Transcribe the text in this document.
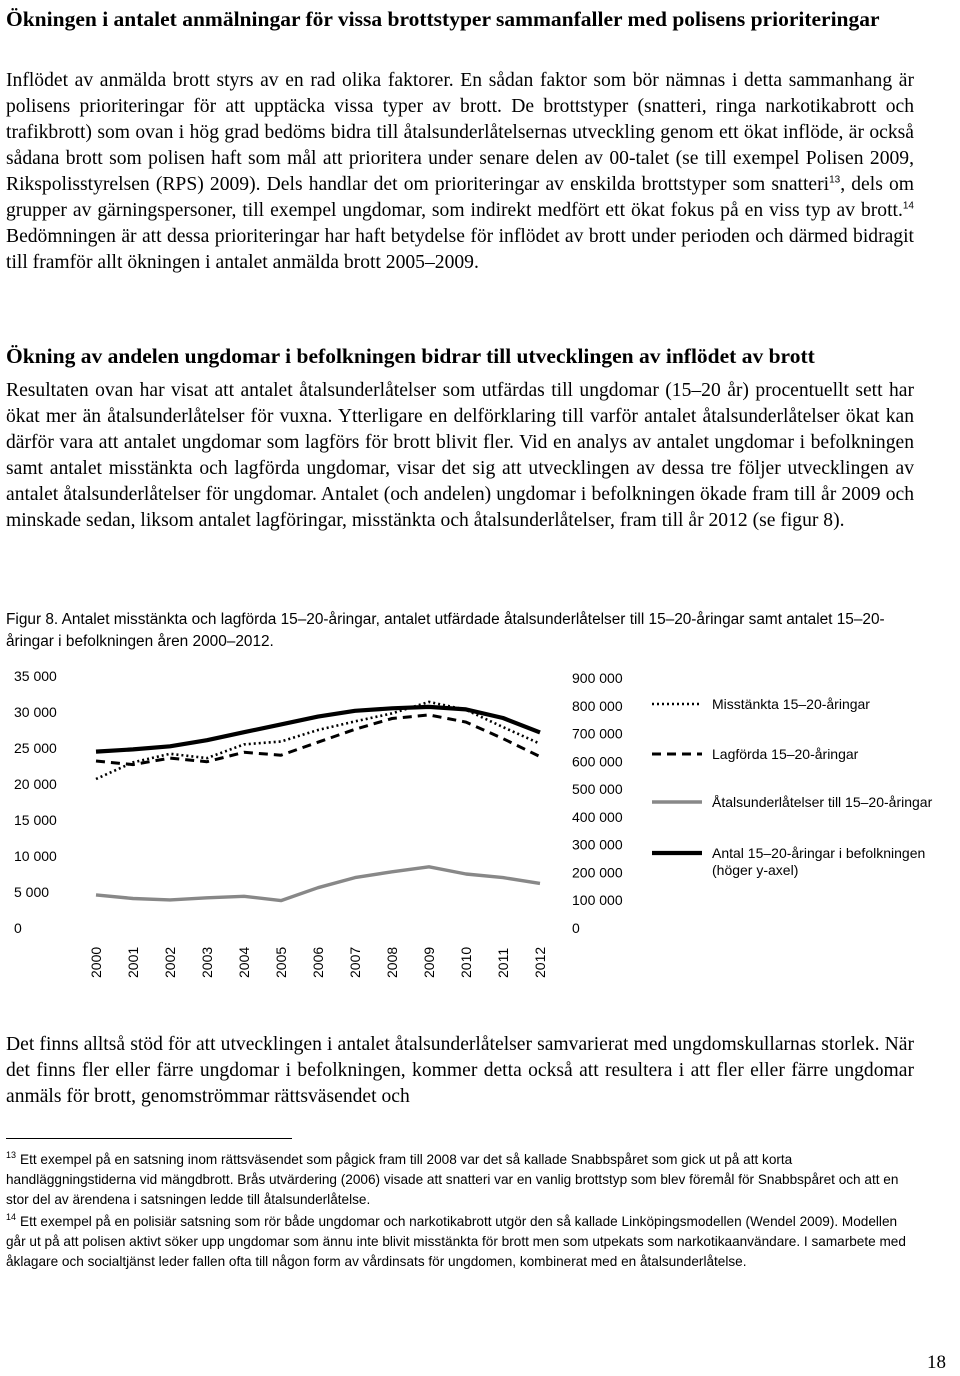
Ökningen i antalet anmälningar för vissa brottstyper sammanfaller med polisens prioriteringar

Inflödet av anmälda brott styrs av en rad olika faktorer. En sådan faktor som bör nämnas i detta sammanhang är polisens prioriteringar för att upptäcka vissa typer av brott. De brottstyper (snatteri, ringa narkotikabrott och trafikbrott) som ovan i hög grad bedöms bidra till åtalsunderlåtelsernas utveckling genom ett ökat inflöde, är också sådana brott som polisen haft som mål att prioritera under senare delen av 00-talet (se till exempel Polisen 2009, Rikspolisstyrelsen (RPS) 2009). Dels handlar det om prioriteringar av enskilda brottstyper som snatteri$^{13}$, dels om grupper av gärningspersoner, till exempel ungdomar, som indirekt medfört ett ökat fokus på en viss typ av brott.$^{14}$ Bedömningen är att dessa prioriteringar har haft betydelse för inflödet av brott under perioden och därmed bidragit till framför allt ökningen i antalet anmälda brott 2005–2009.

Ökning av andelen ungdomar i befolkningen bidrar till utvecklingen av inflödet av brott

Resultaten ovan har visat att antalet åtalsunderlåtelser som utfärdas till ungdomar (15–20 år) procentuellt sett har ökat mer än åtalsunderlåtelser för vuxna. Ytterligare en delförklaring till varför antalet åtalsunderlåtelser ökat kan därför vara att antalet ungdomar som lagförs för brott blivit fler. Vid en analys av antalet ungdomar i befolkningen samt antalet misstänkta och lagförda ungdomar, visar det sig att utvecklingen av dessa tre följer utvecklingen av antalet åtalsunderlåtelser för ungdomar. Antalet (och andelen) ungdomar i befolkningen ökade fram till år 2009 och minskade sedan, liksom antalet lagföringar, misstänkta och åtalsunderlåtelser, fram till år 2012 (se figur 8).

Figur 8. Antalet misstänkta och lagförda 15–20-åringar, antalet utfärdade åtalsunderlåtelser till 15–20-åringar samt antalet 15–20-åringar i befolkningen åren 2000–2012.
0
5 000
10 000
15 000
20 000
25 000
30 000
35 000
0
100 000
200 000
300 000
400 000
500 000
600 000
700 000
800 000
900 000
2000 2001 2002 2003 2004 2005 2006 2007 2008 2009 2010 2011 2012
Misstänkta 15–20-åringar
Lagförda 15–20-åringar
Åtalsunderlåtelser till 15–20-åringar
Antal 15–20-åringar i befolkningen
(höger y-axel)

Det finns alltså stöd för att utvecklingen i antalet åtalsunderlåtelser samvarierat med ungdomskullarnas storlek. När det finns fler eller färre ungdomar i befolkningen, kommer detta också att resultera i att fler eller färre ungdomar anmäls för brott, genomströmmar rättsväsendet och

$^{13}$ Ett exempel på en satsning inom rättsväsendet som pågick fram till 2008 var det så kallade Snabbspåret som gick ut på att korta handläggningstiderna vid mängdbrott. Brås utvärdering (2006) visade att snatteri var en vanlig brottstyp som blev föremål för Snabbspåret och att en stor del av ärendena i satsningen ledde till åtalsunderlåtelse.

$^{14}$ Ett exempel på en polisiär satsning som rör både ungdomar och narkotikabrott utgör den så kallade Linköpingsmodellen (Wendel 2009). Modellen går ut på att polisen aktivt söker upp ungdomar som ännu inte blivit misstänkta för brott men som utpekats som narkotikaanvändare. I samarbete med åklagare och socialtjänst leder fallen ofta till någon form av vårdinsats för ungdomen, kombinerat med en åtalsunderlåtelse.

18
